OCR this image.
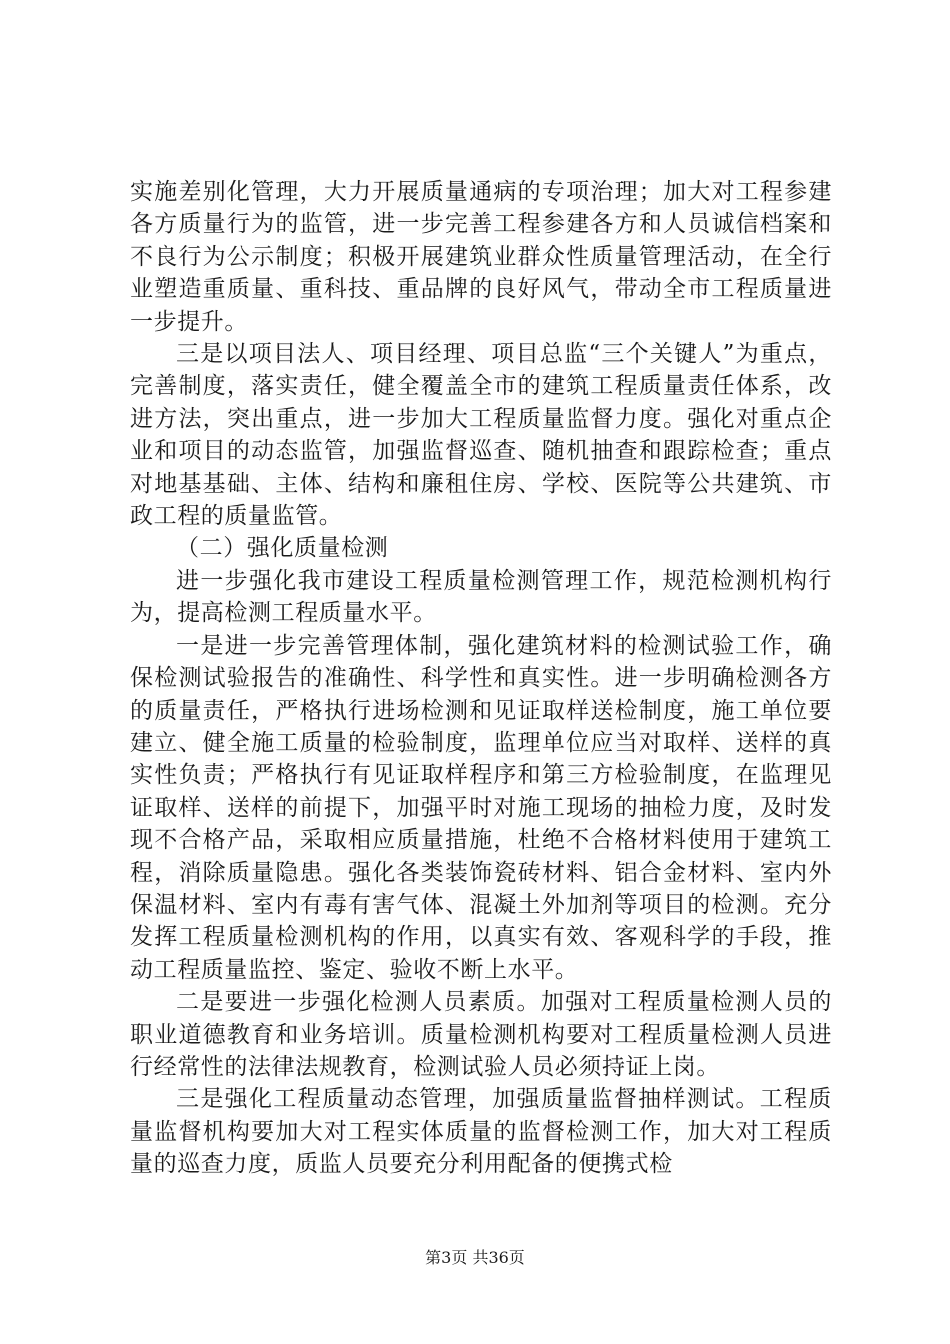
实施差别化管理，大力开展质量通病的专项治理；加大对工程参建各方质量行为的监管，进一步完善工程参建各方和人员诚信档案和不良行为公示制度；积极开展建筑业群众性质量管理活动，在全行业塑造重质量、重科技、重品牌的良好风气，带动全市工程质量进一步提升。

三是以项目法人、项目经理、项目总监“三个关键人”为重点，完善制度，落实责任，健全覆盖全市的建筑工程质量责任体系，改进方法，突出重点，进一步加大工程质量监督力度。强化对重点企业和项目的动态监管，加强监督巡查、随机抽查和跟踪检查；重点对地基基础、主体、结构和廉租住房、学校、医院等公共建筑、市政工程的质量监管。

（二）强化质量检测

进一步强化我市建设工程质量检测管理工作，规范检测机构行为，提高检测工程质量水平。

一是进一步完善管理体制，强化建筑材料的检测试验工作，确保检测试验报告的准确性、科学性和真实性。进一步明确检测各方的质量责任，严格执行进场检测和见证取样送检制度，施工单位要建立、健全施工质量的检验制度，监理单位应当对取样、送样的真实性负责；严格执行有见证取样程序和第三方检验制度，在监理见证取样、送样的前提下，加强平时对施工现场的抽检力度，及时发现不合格产品，采取相应质量措施，杜绝不合格材料使用于建筑工程，消除质量隐患。强化各类装饰瓷砖材料、铝合金材料、室内外保温材料、室内有毒有害气体、混凝土外加剂等项目的检测。充分发挥工程质量检测机构的作用，以真实有效、客观科学的手段，推动工程质量监控、鉴定、验收不断上水平。

二是要进一步强化检测人员素质。加强对工程质量检测人员的职业道德教育和业务培训。质量检测机构要对工程质量检测人员进行经常性的法律法规教育，检测试验人员必须持证上岗。

三是强化工程质量动态管理，加强质量监督抽样测试。工程质量监督机构要加大对工程实体质量的监督检测工作，加大对工程质量的巡查力度，质监人员要充分利用配备的便携式检

第3页 共36页
